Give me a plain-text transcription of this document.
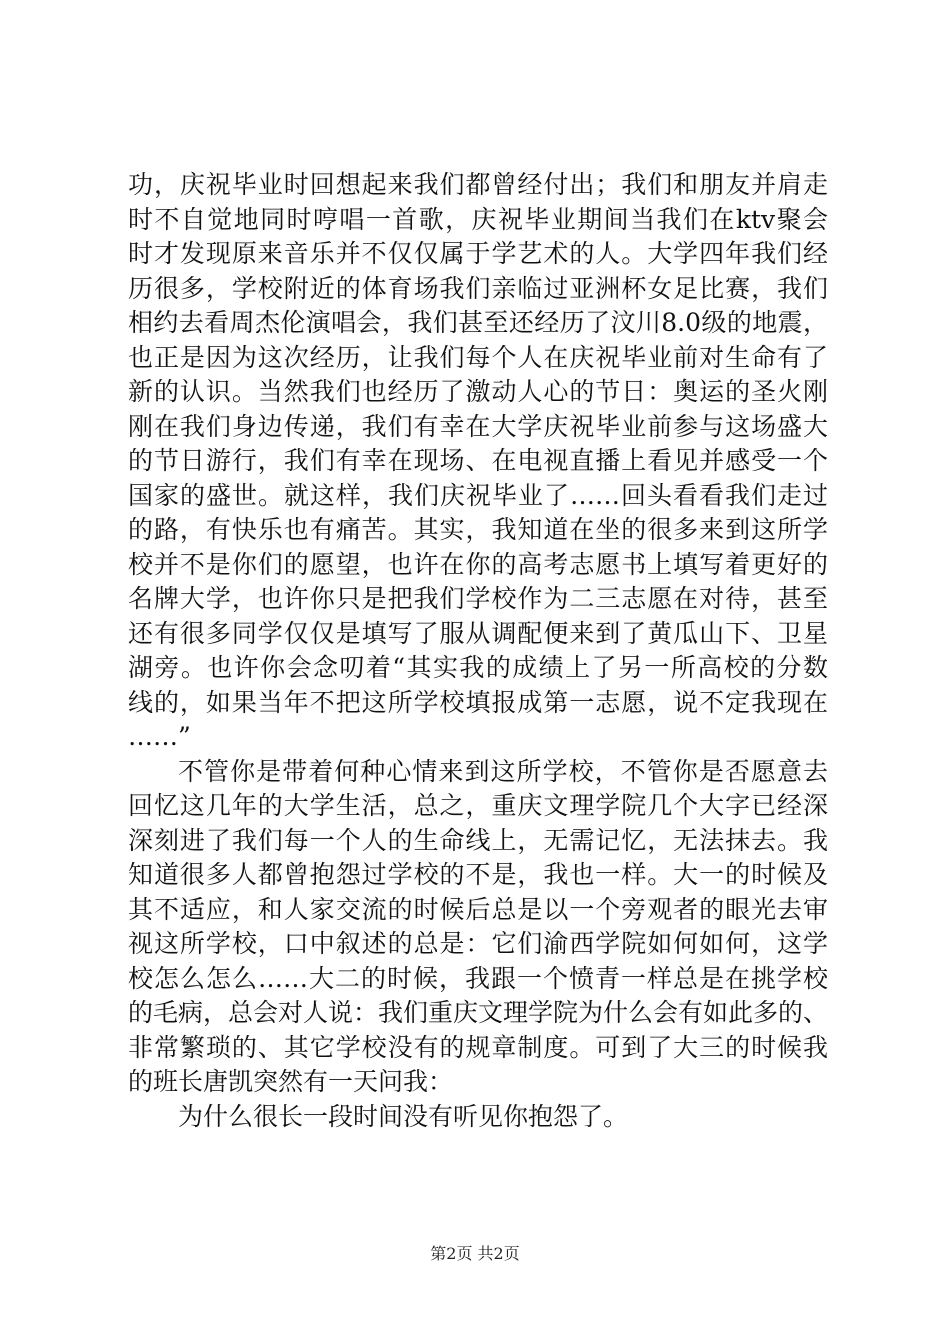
功，庆祝毕业时回想起来我们都曾经付出；我们和朋友并肩走
时不自觉地同时哼唱一首歌，庆祝毕业期间当我们在ktv聚会
时才发现原来音乐并不仅仅属于学艺术的人。大学四年我们经
历很多，学校附近的体育场我们亲临过亚洲杯女足比赛，我们
相约去看周杰伦演唱会，我们甚至还经历了汶川8.0级的地震，
也正是因为这次经历，让我们每个人在庆祝毕业前对生命有了
新的认识。当然我们也经历了激动人心的节日：奥运的圣火刚
刚在我们身边传递，我们有幸在大学庆祝毕业前参与这场盛大
的节日游行，我们有幸在现场、在电视直播上看见并感受一个
国家的盛世。就这样，我们庆祝毕业了……回头看看我们走过
的路，有快乐也有痛苦。其实，我知道在坐的很多来到这所学
校并不是你们的愿望，也许在你的高考志愿书上填写着更好的
名牌大学，也许你只是把我们学校作为二三志愿在对待，甚至
还有很多同学仅仅是填写了服从调配便来到了黄瓜山下、卫星
湖旁。也许你会念叨着“其实我的成绩上了另一所高校的分数
线的，如果当年不把这所学校填报成第一志愿，说不定我现在
……”
不管你是带着何种心情来到这所学校，不管你是否愿意去
回忆这几年的大学生活，总之，重庆文理学院几个大字已经深
深刻进了我们每一个人的生命线上，无需记忆，无法抹去。我
知道很多人都曾抱怨过学校的不是，我也一样。大一的时候及
其不适应，和人家交流的时候后总是以一个旁观者的眼光去审
视这所学校，口中叙述的总是：它们渝西学院如何如何，这学
校怎么怎么……大二的时候，我跟一个愤青一样总是在挑学校
的毛病，总会对人说：我们重庆文理学院为什么会有如此多的、
非常繁琐的、其它学校没有的规章制度。可到了大三的时候我
的班长唐凯突然有一天问我：
为什么很长一段时间没有听见你抱怨了。
第2页 共2页
